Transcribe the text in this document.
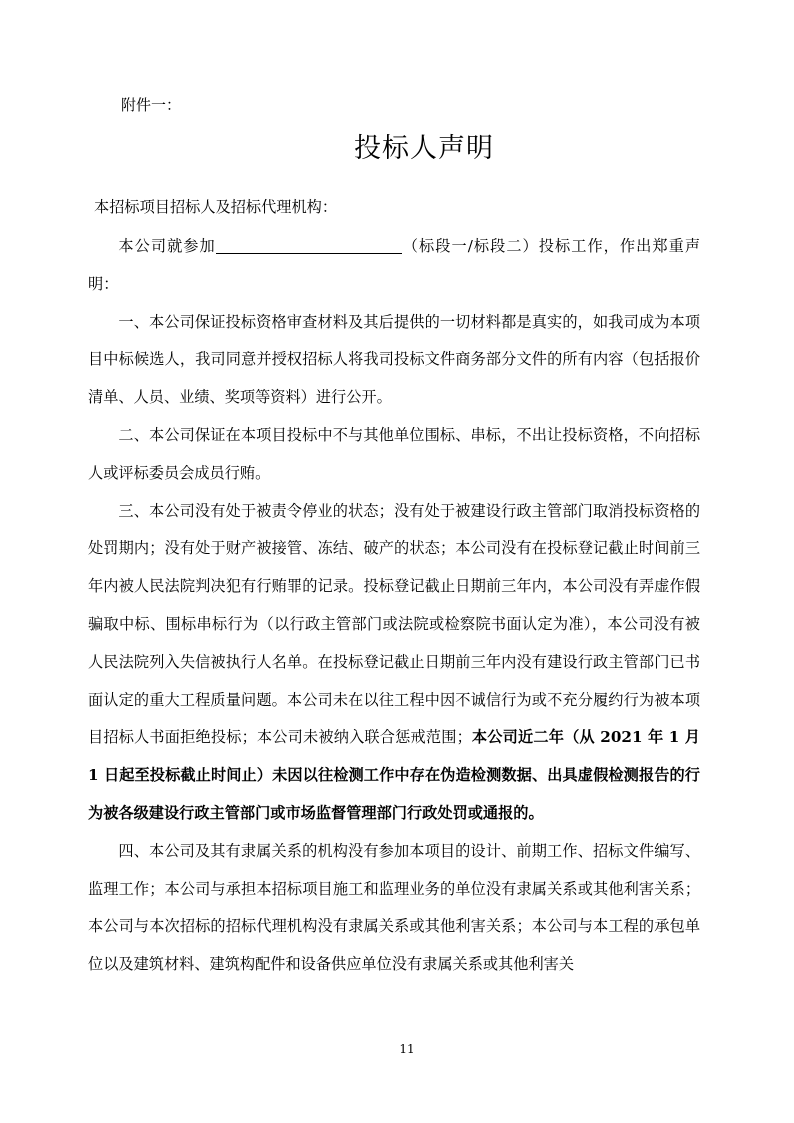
附件一：
投标人声明
本招标项目招标人及招标代理机构：

本公司就参加	（标段一/标段二）投标工作，作出郑重声明：

一、本公司保证投标资格审查材料及其后提供的一切材料都是真实的，如我司成为本项目中标候选人，我司同意并授权招标人将我司投标文件商务部分文件的所有内容（包括报价清单、人员、业绩、奖项等资料）进行公开。

二、本公司保证在本项目投标中不与其他单位围标、串标，不出让投标资格，不向招标人或评标委员会成员行贿。

三、本公司没有处于被责令停业的状态；没有处于被建设行政主管部门取消投标资格的处罚期内；没有处于财产被接管、冻结、破产的状态；本公司没有在投标登记截止时间前三年内被人民法院判决犯有行贿罪的记录。投标登记截止日期前三年内，本公司没有弄虚作假骗取中标、围标串标行为（以行政主管部门或法院或检察院书面认定为准），本公司没有被人民法院列入失信被执行人名单。在投标登记截止日期前三年内没有建设行政主管部门已书面认定的重大工程质量问题。本公司未在以往工程中因不诚信行为或不充分履约行为被本项目招标人书面拒绝投标；本公司未被纳入联合惩戒范围；本公司近二年（从 2021 年 1 月 1 日起至投标截止时间止）未因以往检测工作中存在伪造检测数据、出具虚假检测报告的行为被各级建设行政主管部门或市场监督管理部门行政处罚或通报的。

四、本公司及其有隶属关系的机构没有参加本项目的设计、前期工作、招标文件编写、监理工作；本公司与承担本招标项目施工和监理业务的单位没有隶属关系或其他利害关系；本公司与本次招标的招标代理机构没有隶属关系或其他利害关系；本公司与本工程的承包单位以及建筑材料、建筑构配件和设备供应单位没有隶属关系或其他利害关

11
